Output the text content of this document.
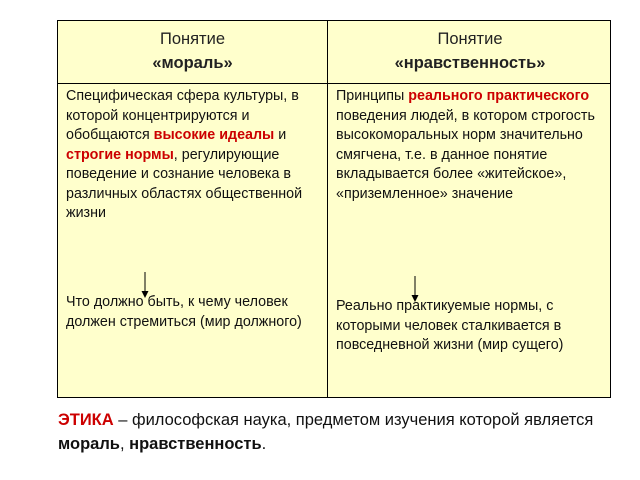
Понятие
«мораль»
Понятие
«нравственность»
Специфическая сфера культуры, в которой концентрируются и обобщаются высокие идеалы и строгие нормы, регулирующие поведение и сознание человека в различных областях общественной жизни
Что должно быть, к чему человек должен стремиться (мир должного)
Принципы реального практического поведения людей, в котором строгость высокоморальных норм значительно смягчена, т.е. в данное понятие вкладывается более «житейское», «приземленное» значение
Реально практикуемые нормы, с которыми человек сталкивается в повседневной жизни (мир сущего)
ЭТИКА – философская наука, предметом изучения которой является мораль, нравственность.
